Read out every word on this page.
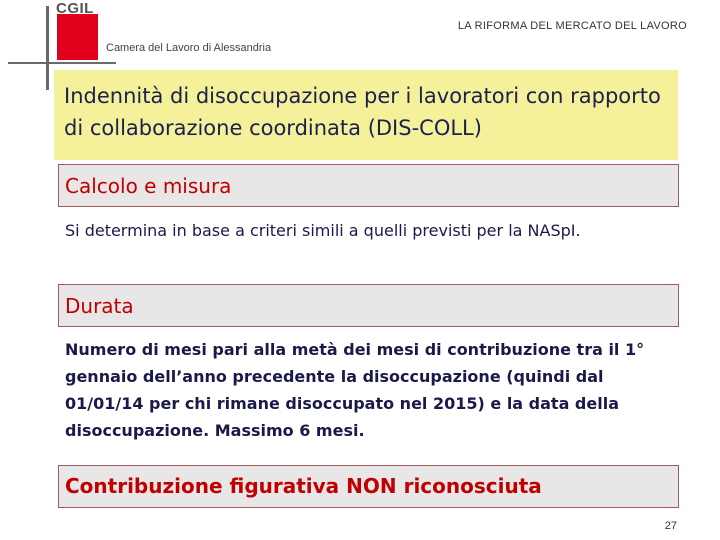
CGIL
LA RIFORMA DEL MERCATO DEL LAVORO
Camera del Lavoro di Alessandria
Indennità di disoccupazione per i lavoratori con rapporto di collaborazione coordinata (DIS-COLL)
Calcolo e misura
Si determina in base a criteri simili a quelli previsti per la NASpI.
Durata
Numero di mesi pari alla metà dei mesi di contribuzione tra il 1° gennaio dell’anno precedente la disoccupazione (quindi dal 01/01/14 per chi rimane disoccupato nel 2015) e la data della disoccupazione. Massimo 6 mesi.
Contribuzione figurativa NON riconosciuta
27
